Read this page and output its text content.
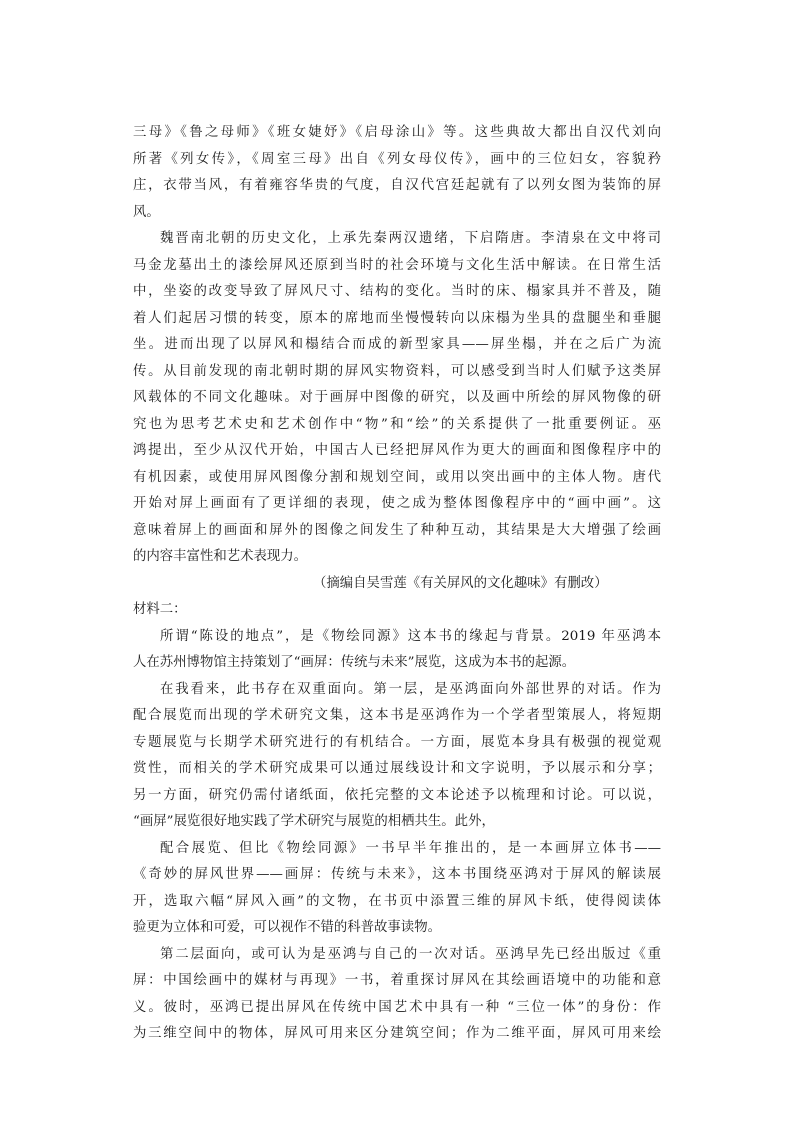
三母》《鲁之母师》《班女婕妤》《启母涂山》等。这些典故大都出自汉代刘向
所著《列女传》，《周室三母》出自《列女母仪传》，画中的三位妇女，容貌矜
庄，衣带当风，有着雍容华贵的气度，自汉代宫廷起就有了以列女图为装饰的屏
风。
魏晋南北朝的历史文化，上承先秦两汉遗绪，下启隋唐。李清泉在文中将司
马金龙墓出土的漆绘屏风还原到当时的社会环境与文化生活中解读。在日常生活
中，坐姿的改变导致了屏风尺寸、结构的变化。当时的床、榻家具并不普及，随
着人们起居习惯的转变，原本的席地而坐慢慢转向以床榻为坐具的盘腿坐和垂腿
坐。进而出现了以屏风和榻结合而成的新型家具——屏坐榻，并在之后广为流
传。从目前发现的南北朝时期的屏风实物资料，可以感受到当时人们赋予这类屏
风载体的不同文化趣味。对于画屏中图像的研究，以及画中所绘的屏风物像的研
究也为思考艺术史和艺术创作中“物”和“绘”的关系提供了一批重要例证。巫
鸿提出，至少从汉代开始，中国古人已经把屏风作为更大的画面和图像程序中的
有机因素，或使用屏风图像分割和规划空间，或用以突出画中的主体人物。唐代
开始对屏上画面有了更详细的表现，使之成为整体图像程序中的“画中画”。这
意味着屏上的画面和屏外的图像之间发生了种种互动，其结果是大大增强了绘画
的内容丰富性和艺术表现力。
（摘编自吴雪莲《有关屏风的文化趣味》有删改）
材料二：
所谓“陈设的地点”，是《物绘同源》这本书的缘起与背景。2019 年巫鸿本
人在苏州博物馆主持策划了“画屏：传统与未来”展览，这成为本书的起源。
在我看来，此书存在双重面向。第一层，是巫鸿面向外部世界的对话。作为
配合展览而出现的学术研究文集，这本书是巫鸿作为一个学者型策展人，将短期
专题展览与长期学术研究进行的有机结合。一方面，展览本身具有极强的视觉观
赏性，而相关的学术研究成果可以通过展线设计和文字说明，予以展示和分享；
另一方面，研究仍需付诸纸面，依托完整的文本论述予以梳理和讨论。可以说，
“画屏”展览很好地实践了学术研究与展览的相栖共生。此外，
配合展览、但比《物绘同源》一书早半年推出的，是一本画屏立体书——
《奇妙的屏风世界——画屏：传统与未来》，这本书围绕巫鸿对于屏风的解读展
开，选取六幅“屏风入画”的文物，在书页中添置三维的屏风卡纸，使得阅读体
验更为立体和可爱，可以视作不错的科普故事读物。
第二层面向，或可认为是巫鸿与自己的一次对话。巫鸿早先已经出版过《重
屏：中国绘画中的媒材与再现》一书，着重探讨屏风在其绘画语境中的功能和意
义。彼时，巫鸿已提出屏风在传统中国艺术中具有一种 “三位一体”的身份：作
为三维空间中的物体，屏风可用来区分建筑空间；作为二维平面，屏风可用来绘
